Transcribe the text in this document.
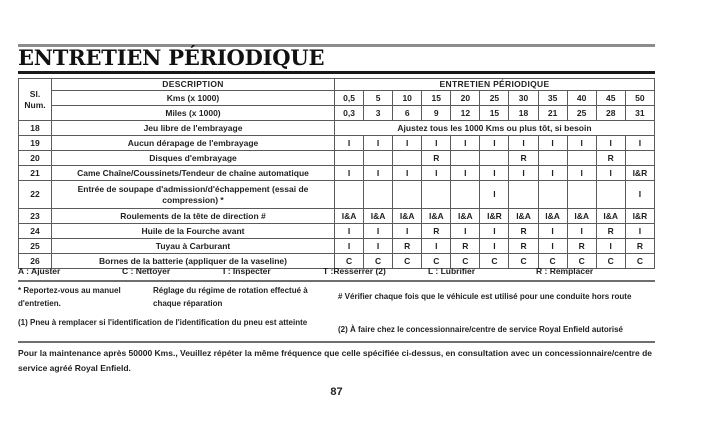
ENTRETIEN PÉRIODIQUE
Sl.
Num.	DESCRIPTION	ENTRETIEN PÉRIODIQUE										
	Kms (x 1000)	0,5	5	10	15	20	25	30	35	40	45	50
	Miles (x 1000)	0,3	3	6	9	12	15	18	21	25	28	31
18	Jeu libre de l'embrayage	Ajustez tous les 1000 Kms ou plus tôt, si besoin										
19	Aucun dérapage de l'embrayage	I	I	I	I	I	I	I	I	I	I	I
20	Disques d'embrayage				R			R			R	
21	Came Chaîne/Coussinets/Tendeur de chaîne automatique	I	I	I	I	I	I	I	I	I	I	I&R
22	Entrée de soupape d'admission/d'échappement (essai de compression) *						I					I
23	Roulements de la tête de direction #	I&A	I&A	I&A	I&A	I&A	I&R	I&A	I&A	I&A	I&A	I&R
24	Huile de la Fourche avant	I	I	I	R	I	I	R	I	I	R	I
25	Tuyau à Carburant	I	I	R	I	R	I	R	I	R	I	R
26	Bornes de la batterie (appliquer de la vaseline)	C	C	C	C	C	C	C	C	C	C	C
A : Ajuster	C : Nettoyer	I : Inspecter	T :Resserrer (2)	L : Lubrifier	R : Remplacer
* Reportez-vous au manuel d'entretien.
Réglage du régime de rotation effectué à chaque réparation
# Vérifier chaque fois que le véhicule est utilisé pour une conduite hors route
(1) Pneu à remplacer si l'identification de l'identification du pneu est atteinte
(2) À faire chez le concessionnaire/centre de service Royal Enfield autorisé
Pour la maintenance après 50000 Kms., Veuillez répéter la même fréquence que celle spécifiée ci-dessus, en consultation avec un concessionnaire/centre de service agréé Royal Enfield.
87
